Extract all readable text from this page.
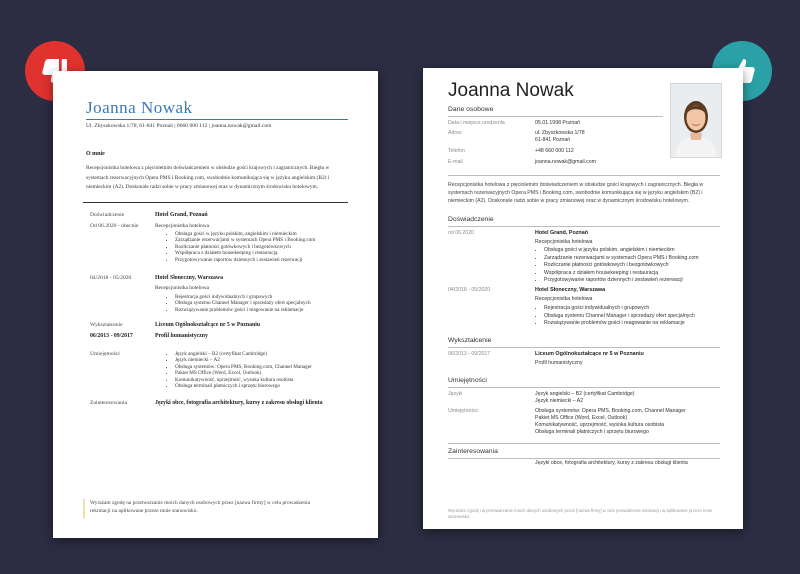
Joanna Nowak
Ul. Zbyszkowska 1/78, 61-841 Poznań | 0660 000 112 | joanna.nowak@gmail.com
O mnie
Recepcjonistka hotelowa z pięcioletnim doświadczeniem w obsłudze gości krajowych i zagranicznych. Biegła w systemach rezerwacyjnych Opera PMS i Booking.com, swobodnie komunikująca się w języku angielskim (B2) i niemieckim (A2). Doskonale radzi sobie w pracy zmianowej oraz w dynamicznym środowisku hotelowym.
Doświadczenie	Hotel Grand, Poznań
Od 06.2020 - obecnie	Recepcjonistka hotelowa
• Obsługa gości w języku polskim, angielskim i niemieckim
• Zarządzanie rezerwacjami w systemach Opera PMS i Booking.com
• Rozliczanie płatności gotówkowych i bezgotówkowych
• Współpraca z działem housekeeping i restauracją
• Przygotowywanie raportów dziennych i zestawień rezerwacji
04/2018 - 05/2020	Hotel Słoneczny, Warszawa
Recepcjonistka hotelowa
• Rejestracja gości indywidualnych i grupowych
• Obsługa systemu Channel Manager i sprzedaży ofert specjalnych
• Rozwiązywanie problemów gości i reagowanie na reklamacje
Wykształcenie	Liceum Ogólnokształcące nr 5 w Poznaniu
06/2013 - 09/2017	Profil humanistyczny
Umiejętności
•	Język angielski – B2 (certyfikat Cambridge)
• Język niemiecki – A2
• Obsługa systemów: Opera PMS, Booking.com, Channel Manager
• Pakiet MS Office (Word, Excel, Outlook)
• Komunikatywność, uprzejmość, wysoka kultura osobista
• Obsługa terminali płatniczych i sprzętu biurowego
Zainteresowania	Języki obce, fotografia architektury, kursy z zakresu obsługi klienta
Wyrażam zgodę na przetwarzanie moich danych osobowych przez [nazwa firmy] w celu prowadzenia rekrutacji na aplikowane przeze mnie stanowisko.
Joanna Nowak
Dane osobowe
Data i miejsce urodzenia	05.01.1998 Poznań
Adres	ul. Zbyszkowska 1/78
61-841 Poznań
Telefon	+48 660 000 112
E-mail	joanna.nowak@gmail.com
Recepcjonistka hotelowa z pięcioletnim doświadczeniem w obsłudze gości krajowych i zagranicznych. Biegła w systemach rezerwacyjnych Opera PMS i Booking.com, swobodnie komunikująca się w języku angielskim (B2) i niemieckim (A2). Doskonale radzi sobie w pracy zmianowej oraz w dynamicznym środowisku hotelowym.
Doświadczenie
od 06.2020	Hotel Grand, Poznań
Recepcjonistka hotelowa
• Obsługa gości w języku polskim, angielskim i niemieckim
• Zarządzanie rezerwacjami w systemach Opera PMS i Booking.com
• Rozliczanie płatności gotówkowych i bezgotówkowych
• Współpraca z działem housekeeping i restauracją
• Przygotowywanie raportów dziennych i zestawień rezerwacji
04/2018 - 05/2020	Hotel Słoneczny, Warszawa
Recepcjonistka hotelowa
• Rejestracja gości indywidualnych i grupowych
• Obsługa systemu Channel Manager i sprzedaży ofert specjalnych
• Rozwiązywanie problemów gości i reagowanie na reklamacje
Wykształcenie
06/2013 - 09/2017	Liceum Ogólnokształcące nr 5 w Poznaniu
Profil humanistyczny
Umiejętności
Języki	Język angielski – B2 (certyfikat Cambridge)
Język niemiecki – A2
Umiejętności	Obsługa systemów: Opera PMS, Booking.com, Channel Manager
Pakiet MS Office (Word, Excel, Outlook)
Komunikatywność, uprzejmość, wysoka kultura osobista
Obsługa terminali płatniczych i sprzętu biurowego
Zainteresowania
Języki obce, fotografia architektury, kursy z zakresu obsługi klienta
Wyrażam zgodę na przetwarzanie moich danych osobowych przez [nazwa firmy] w celu prowadzenia rekrutacji na aplikowane przeze mnie stanowisko.
